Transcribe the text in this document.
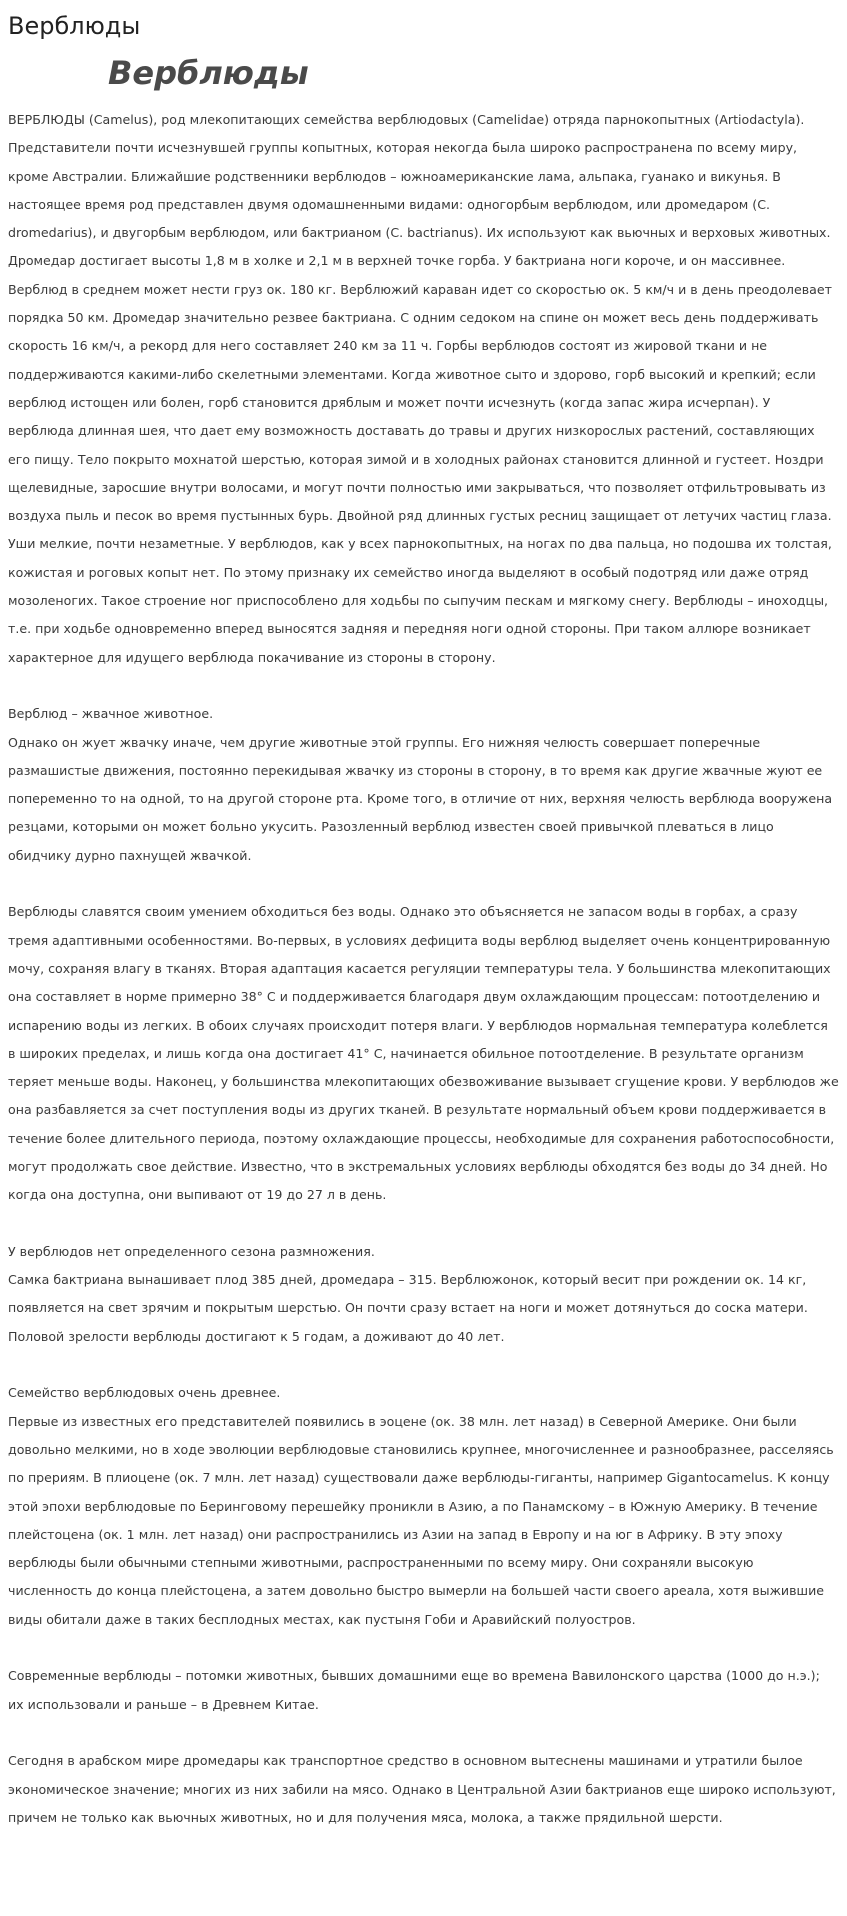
Верблюды
Верблюды

ВЕРБЛЮДЫ (Camelus), род млекопитающих семейства верблюдовых (Camelidae) отряда парнокопытных (Artiodactyla). Представители почти исчезнувшей группы копытных, которая некогда была широко распространена по всему миру, кроме Австралии. Ближайшие родственники верблюдов – южноамериканские лама, альпака, гуанако и викунья. В настоящее время род представлен двумя одомашненными видами: одногорбым верблюдом, или дромедаром (C. dromedarius), и двугорбым верблюдом, или бактрианом (C. bactrianus). Их используют как вьючных и верховых животных. Дромедар достигает высоты 1,8 м в холке и 2,1 м в верхней точке горба. У бактриана ноги короче, и он массивнее. Верблюд в среднем может нести груз ок. 180 кг. Верблюжий караван идет со скоростью ок. 5 км/ч и в день преодолевает порядка 50 км. Дромедар значительно резвее бактриана. С одним седоком на спине он может весь день поддерживать скорость 16 км/ч, а рекорд для него составляет 240 км за 11 ч. Горбы верблюдов состоят из жировой ткани и не поддерживаются какими-либо скелетными элементами. Когда животное сыто и здорово, горб высокий и крепкий; если верблюд истощен или болен, горб становится дряблым и может почти исчезнуть (когда запас жира исчерпан). У верблюда длинная шея, что дает ему возможность доставать до травы и других низкорослых растений, составляющих его пищу. Тело покрыто мохнатой шерстью, которая зимой и в холодных районах становится длинной и густеет. Ноздри щелевидные, заросшие внутри волосами, и могут почти полностью ими закрываться, что позволяет отфильтровывать из воздуха пыль и песок во время пустынных бурь. Двойной ряд длинных густых ресниц защищает от летучих частиц глаза. Уши мелкие, почти незаметные. У верблюдов, как у всех парнокопытных, на ногах по два пальца, но подошва их толстая, кожистая и роговых копыт нет. По этому признаку их семейство иногда выделяют в особый подотряд или даже отряд мозоленогих. Такое строение ног приспособлено для ходьбы по сыпучим пескам и мягкому снегу. Верблюды – иноходцы, т.е. при ходьбе одновременно вперед выносятся задняя и передняя ноги одной стороны. При таком аллюре возникает характерное для идущего верблюда покачивание из стороны в сторону.

Верблюд – жвачное животное.

Однако он жует жвачку иначе, чем другие животные этой группы. Его нижняя челюсть совершает поперечные размашистые движения, постоянно перекидывая жвачку из стороны в сторону, в то время как другие жвачные жуют ее попеременно то на одной, то на другой стороне рта. Кроме того, в отличие от них, верхняя челюсть верблюда вооружена резцами, которыми он может больно укусить. Разозленный верблюд известен своей привычкой плеваться в лицо обидчику дурно пахнущей жвачкой.

Верблюды славятся своим умением обходиться без воды. Однако это объясняется не запасом воды в горбах, а сразу тремя адаптивными особенностями. Во-первых, в условиях дефицита воды верблюд выделяет очень концентрированную мочу, сохраняя влагу в тканях. Вторая адаптация касается регуляции температуры тела. У большинства млекопитающих она составляет в норме примерно 38° С и поддерживается благодаря двум охлаждающим процессам: потоотделению и испарению воды из легких. В обоих случаях происходит потеря влаги. У верблюдов нормальная температура колеблется в широких пределах, и лишь когда она достигает 41° С, начинается обильное потоотделение. В результате организм теряет меньше воды. Наконец, у большинства млекопитающих обезвоживание вызывает сгущение крови. У верблюдов же она разбавляется за счет поступления воды из других тканей. В результате нормальный объем крови поддерживается в течение более длительного периода, поэтому охлаждающие процессы, необходимые для сохранения работоспособности, могут продолжать свое действие. Известно, что в экстремальных условиях верблюды обходятся без воды до 34 дней. Но когда она доступна, они выпивают от 19 до 27 л в день.

У верблюдов нет определенного сезона размножения.

Самка бактриана вынашивает плод 385 дней, дромедара – 315. Верблюжонок, который весит при рождении ок. 14 кг, появляется на свет зрячим и покрытым шерстью. Он почти сразу встает на ноги и может дотянуться до соска матери. Половой зрелости верблюды достигают к 5 годам, а доживают до 40 лет.

Семейство верблюдовых очень древнее.

Первые из известных его представителей появились в эоцене (ок. 38 млн. лет назад) в Северной Америке. Они были довольно мелкими, но в ходе эволюции верблюдовые становились крупнее, многочисленнее и разнообразнее, расселяясь по прериям. В плиоцене (ок. 7 млн. лет назад) существовали даже верблюды-гиганты, например Gigantocamelus. К концу этой эпохи верблюдовые по Беринговому перешейку проникли в Азию, а по Панамскому – в Южную Америку. В течение плейстоцена (ок. 1 млн. лет назад) они распространились из Азии на запад в Европу и на юг в Африку. В эту эпоху верблюды были обычными степными животными, распространенными по всему миру. Они сохраняли высокую численность до конца плейстоцена, а затем довольно быстро вымерли на большей части своего ареала, хотя выжившие виды обитали даже в таких бесплодных местах, как пустыня Гоби и Аравийский полуостров.

Современные верблюды – потомки животных, бывших домашними еще во времена Вавилонского царства (1000 до н.э.); их использовали и раньше – в Древнем Китае.

Сегодня в арабском мире дромедары как транспортное средство в основном вытеснены машинами и утратили былое экономическое значение; многих из них забили на мясо. Однако в Центральной Азии бактрианов еще широко используют, причем не только как вьючных животных, но и для получения мяса, молока, а также прядильной шерсти.
